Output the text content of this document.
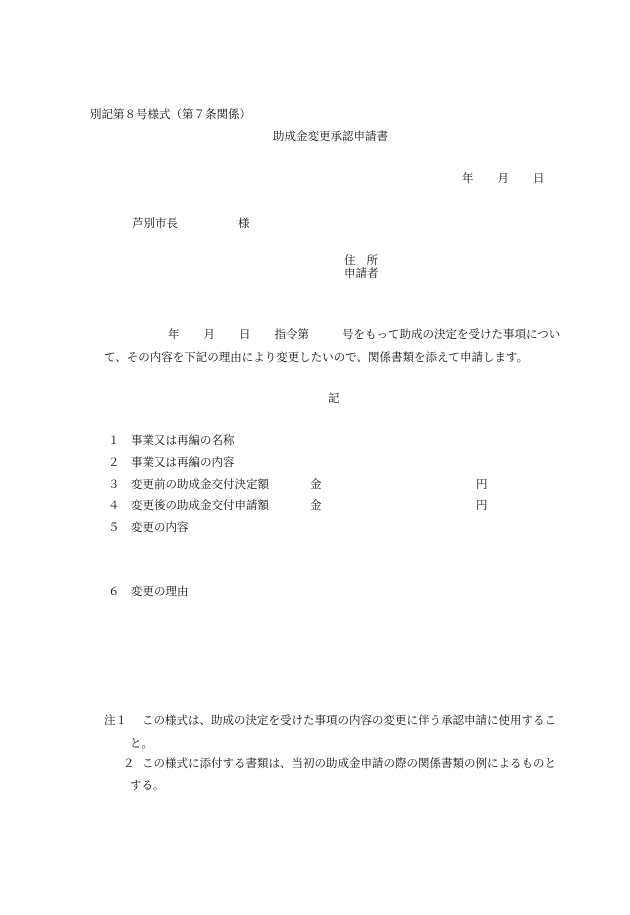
別記第８号様式（第７条関係）
助成金変更承認申請書
年 月 日
芦別市長	様
住所
申請者
年 月 日 指令第	号をもって助成の決定を受けた事項につい
て、その内容を下記の理由により変更したいので、関係書類を添えて申請します。
記
１ 事業又は再編の名称
２ 事業又は再編の内容
３ 変更前の助成金交付決定額	金	円
４ 変更後の助成金交付申請額	金	円
５ 変更の内容
６ 変更の理由
注１ この様式は、助成の決定を受けた事項の内容の変更に伴う承認申請に使用するこ
と。
２ この様式に添付する書類は、当初の助成金申請の際の関係書類の例によるものと
する。
